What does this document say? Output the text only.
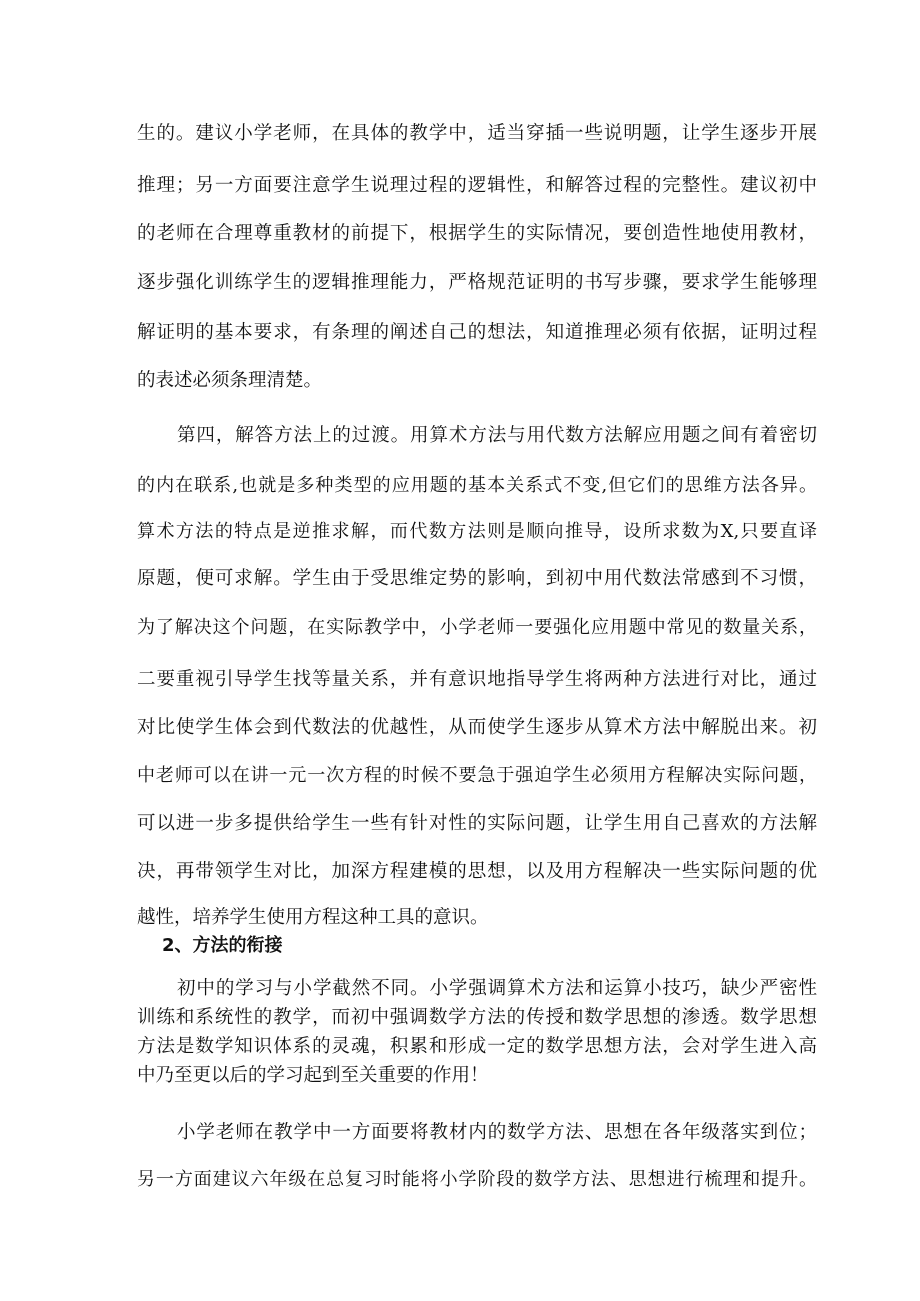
生的。建议小学老师，在具体的教学中，适当穿插一些说明题，让学生逐步开展
推理；另一方面要注意学生说理过程的逻辑性，和解答过程的完整性。建议初中
的老师在合理尊重教材的前提下，根据学生的实际情况，要创造性地使用教材，
逐步强化训练学生的逻辑推理能力，严格规范证明的书写步骤，要求学生能够理
解证明的基本要求，有条理的阐述自己的想法，知道推理必须有依据，证明过程
的表述必须条理清楚。
第四，解答方法上的过渡。用算术方法与用代数方法解应用题之间有着密切
的内在联系,也就是多种类型的应用题的基本关系式不变,但它们的思维方法各异。
算术方法的特点是逆推求解，而代数方法则是顺向推导，设所求数为X,只要直译
原题，便可求解。学生由于受思维定势的影响，到初中用代数法常感到不习惯，
为了解决这个问题，在实际教学中，小学老师一要强化应用题中常见的数量关系，
二要重视引导学生找等量关系，并有意识地指导学生将两种方法进行对比，通过
对比使学生体会到代数法的优越性，从而使学生逐步从算术方法中解脱出来。初
中老师可以在讲一元一次方程的时候不要急于强迫学生必须用方程解决实际问题，
可以进一步多提供给学生一些有针对性的实际问题，让学生用自己喜欢的方法解
决，再带领学生对比，加深方程建模的思想，以及用方程解决一些实际问题的优
越性，培养学生使用方程这种工具的意识。
2、方法的衔接
初中的学习与小学截然不同。小学强调算术方法和运算小技巧，缺少严密性
训练和系统性的教学，而初中强调数学方法的传授和数学思想的渗透。数学思想
方法是数学知识体系的灵魂，积累和形成一定的数学思想方法，会对学生进入高
中乃至更以后的学习起到至关重要的作用！
小学老师在教学中一方面要将教材内的数学方法、思想在各年级落实到位；
另一方面建议六年级在总复习时能将小学阶段的数学方法、思想进行梳理和提升。
